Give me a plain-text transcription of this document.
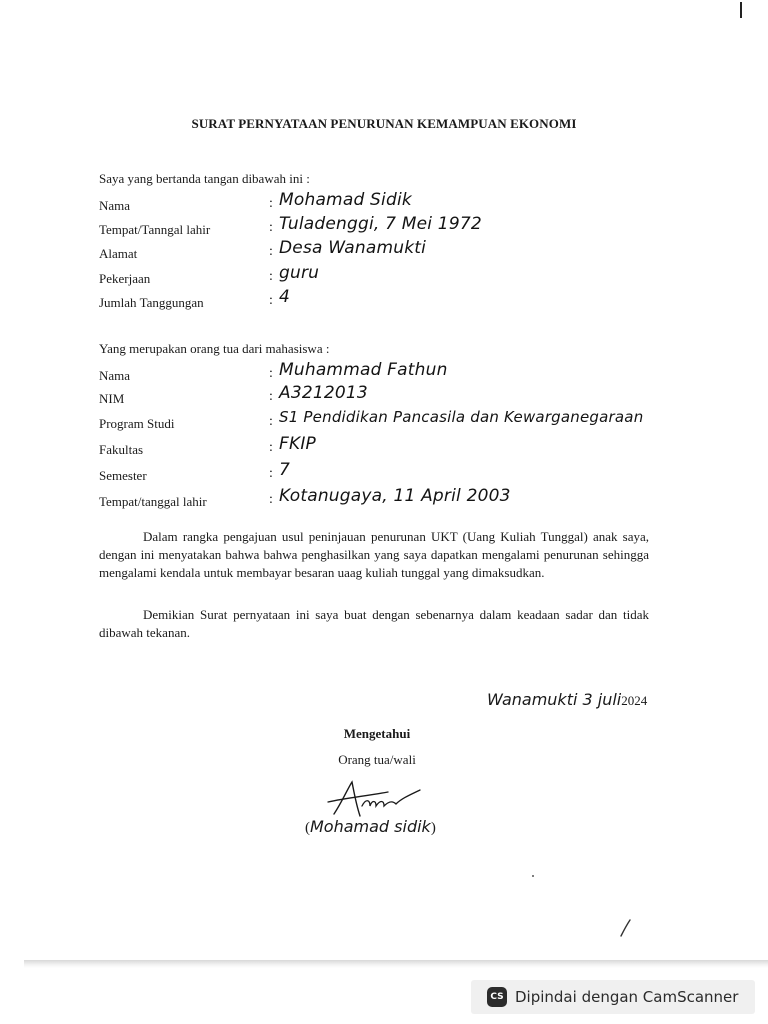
SURAT PERNYATAAN PENURUNAN KEMAMPUAN EKONOMI
Saya yang bertanda tangan dibawah ini :
Nama	: Mohamad Sidik
Tempat/Tanngal lahir	: Tuladenggi, 7 Mei 1972
Alamat	: Desa Wanamukti
Pekerjaan	: guru
Jumlah Tanggungan	: 4
Yang merupakan orang tua dari mahasiswa :
Nama	: Muhammad Fathun
NIM	: A3212013
Program Studi	: S1 Pendidikan Pancasila dan Kewarganegaraan
Fakultas	: FKIP
Semester	: 7
Tempat/tanggal lahir	: Kotanugaya, 11 April 2003

Dalam rangka pengajuan usul peninjauan penurunan UKT (Uang Kuliah Tunggal) anak saya, dengan ini menyatakan bahwa bahwa penghasilkan yang saya dapatkan mengalami penurunan sehingga mengalami kendala untuk membayar besaran uaag kuliah tunggal yang dimaksudkan.

Demikian Surat pernyataan ini saya buat dengan sebenarnya dalam keadaan sadar dan tidak dibawah tekanan.

Wanamukti 3 juli2024
Mengetahui
Orang tua/wali
(Mohamad sidik)
CS Dipindai dengan CamScanner
